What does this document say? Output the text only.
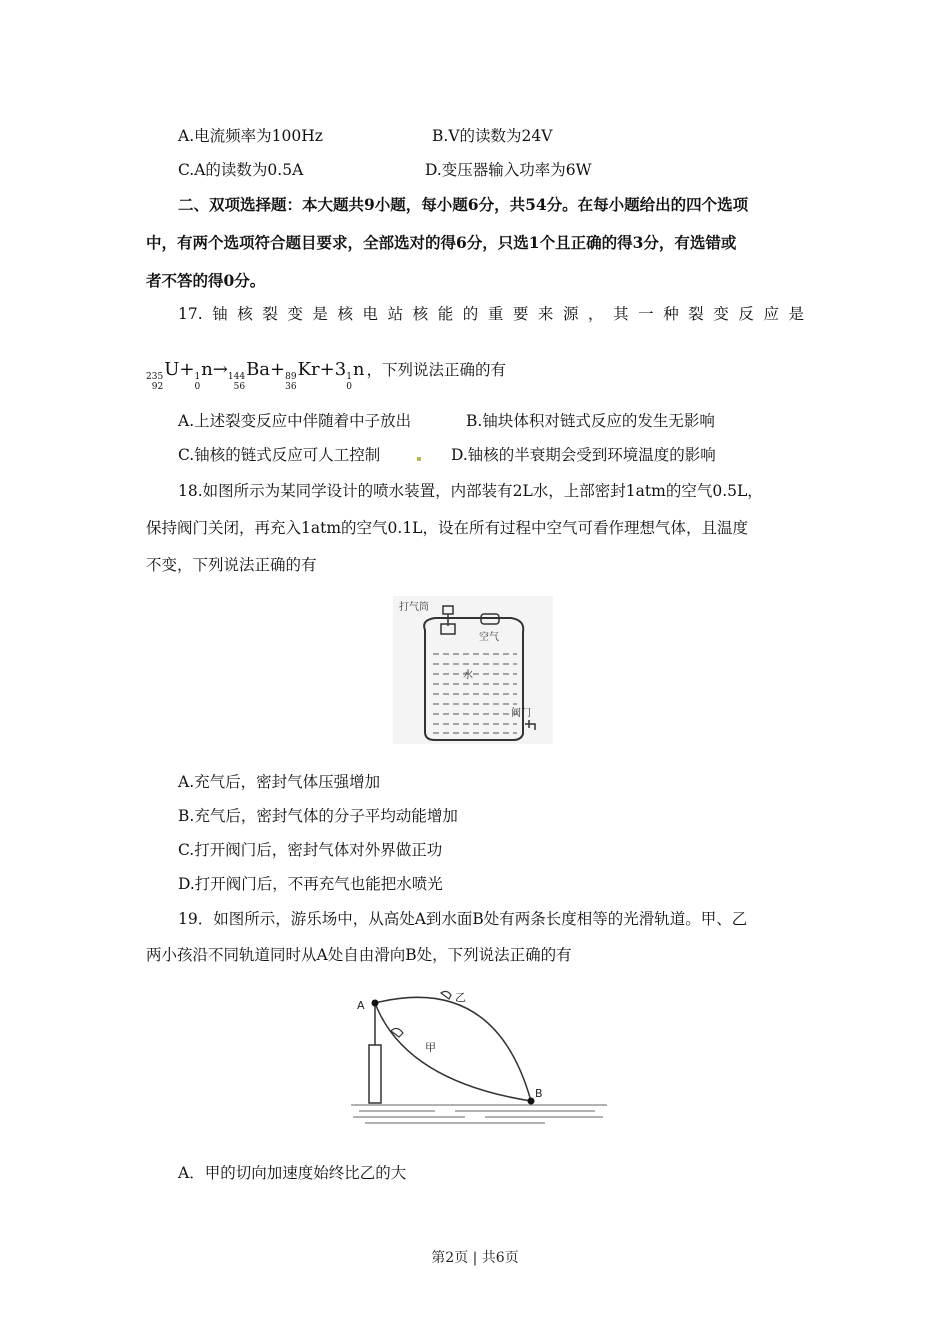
A.电流频率为100Hz	B.V的读数为24V
C.A的读数为0.5A	D.变压器输入功率为6W
二、双项选择题：本大题共9小题，每小题6分，共54分。在每小题给出的四个选项
中，有两个选项符合题目要求，全部选对的得6分，只选1个且正确的得3分，有选错或
者不答的得0分。
17.铀核裂变是核电站核能的重要来源，其一种裂变反应是
235
92
U+ 1
0
n→ 144
56
Ba+ 89
36
Kr+3 1
0
n ，下列说法正确的有
A.上述裂变反应中伴随着中子放出	B.铀块体积对链式反应的发生无影响
C.铀核的链式反应可人工控制	D.铀核的半衰期会受到环境温度的影响
18.如图所示为某同学设计的喷水装置，内部装有2L水，上部密封1atm的空气0.5L，
保持阀门关闭，再充入1atm的空气0.1L，设在所有过程中空气可看作理想气体，且温度
不变，下列说法正确的有
打气筒
空气
水
阀门
A.充气后，密封气体压强增加
B.充气后，密封气体的分子平均动能增加
C.打开阀门后，密封气体对外界做正功
D.打开阀门后，不再充气也能把水喷光
19．如图所示，游乐场中，从高处A到水面B处有两条长度相等的光滑轨道。甲、乙
两小孩沿不同轨道同时从A处自由滑向B处，下列说法正确的有
A
B
甲
乙
A．甲的切向加速度始终比乙的大
第2页 | 共6页
